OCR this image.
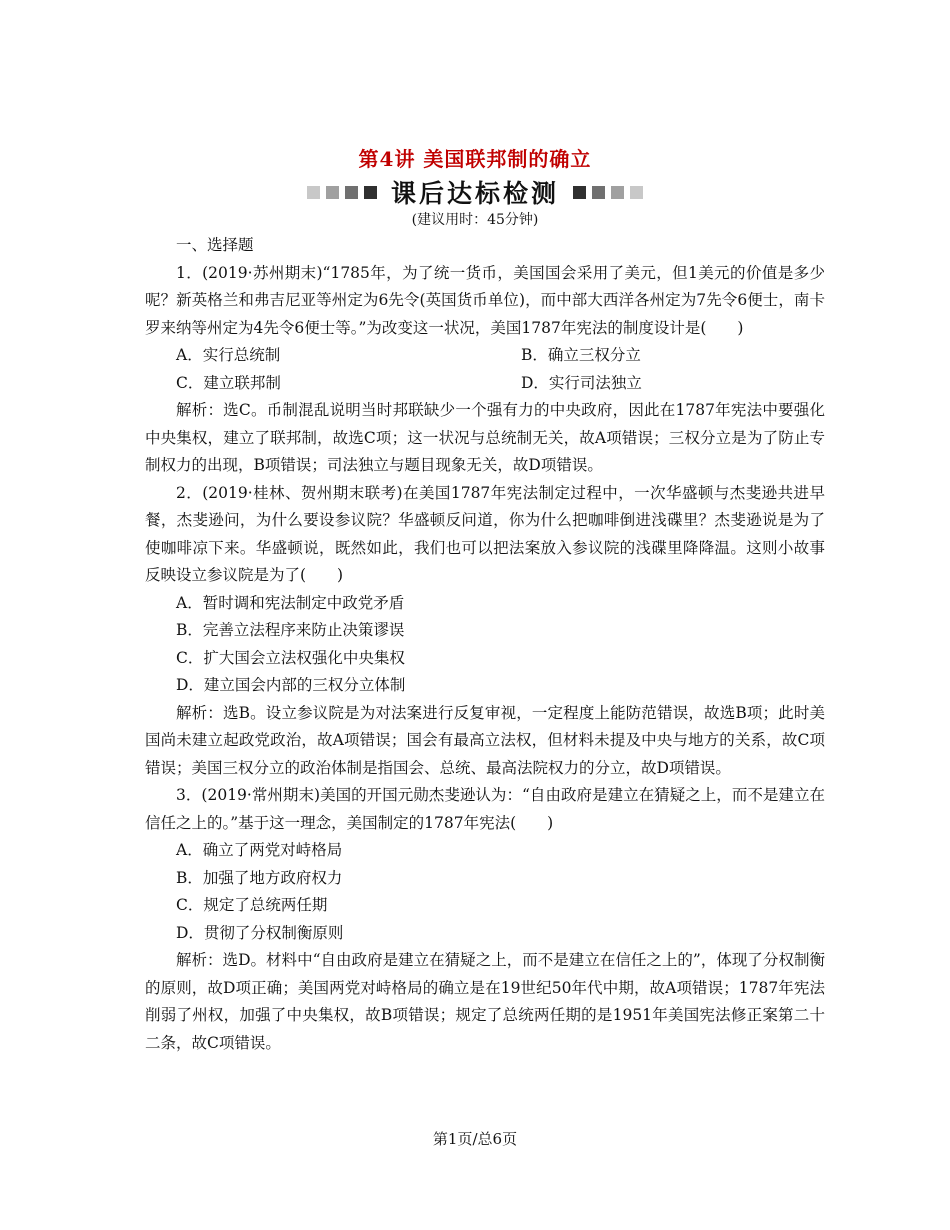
第4讲 美国联邦制的确立
课后达标检测
(建议用时：45分钟)

一、选择题

1．(2019·苏州期末)“1785年，为了统一货币，美国国会采用了美元，但1美元的价值是多少呢？新英格兰和弗吉尼亚等州定为6先令(英国货币单位)，而中部大西洋各州定为7先令6便士，南卡罗来纳等州定为4先令6便士等。”为改变这一状况，美国1787年宪法的制度设计是(　　)

A．实行总统制	B．确立三权分立

C．建立联邦制	D．实行司法独立

解析：选C。币制混乱说明当时邦联缺少一个强有力的中央政府，因此在1787年宪法中要强化中央集权，建立了联邦制，故选C项；这一状况与总统制无关，故A项错误；三权分立是为了防止专制权力的出现，B项错误；司法独立与题目现象无关，故D项错误。

2．(2019·桂林、贺州期末联考)在美国1787年宪法制定过程中，一次华盛顿与杰斐逊共进早餐，杰斐逊问，为什么要设参议院？华盛顿反问道，你为什么把咖啡倒进浅碟里？杰斐逊说是为了使咖啡凉下来。华盛顿说，既然如此，我们也可以把法案放入参议院的浅碟里降降温。这则小故事反映设立参议院是为了(　　)

A．暂时调和宪法制定中政党矛盾

B．完善立法程序来防止决策谬误

C．扩大国会立法权强化中央集权

D．建立国会内部的三权分立体制

解析：选B。设立参议院是为对法案进行反复审视，一定程度上能防范错误，故选B项；此时美国尚未建立起政党政治，故A项错误；国会有最高立法权，但材料未提及中央与地方的关系，故C项错误；美国三权分立的政治体制是指国会、总统、最高法院权力的分立，故D项错误。

3．(2019·常州期末)美国的开国元勋杰斐逊认为：“自由政府是建立在猜疑之上，而不是建立在信任之上的。”基于这一理念，美国制定的1787年宪法(　　)

A．确立了两党对峙格局

B．加强了地方政府权力

C．规定了总统两任期

D．贯彻了分权制衡原则

解析：选D。材料中“自由政府是建立在猜疑之上，而不是建立在信任之上的”，体现了分权制衡的原则，故D项正确；美国两党对峙格局的确立是在19世纪50年代中期，故A项错误；1787年宪法削弱了州权，加强了中央集权，故B项错误；规定了总统两任期的是1951年美国宪法修正案第二十二条，故C项错误。

第1页/总6页
